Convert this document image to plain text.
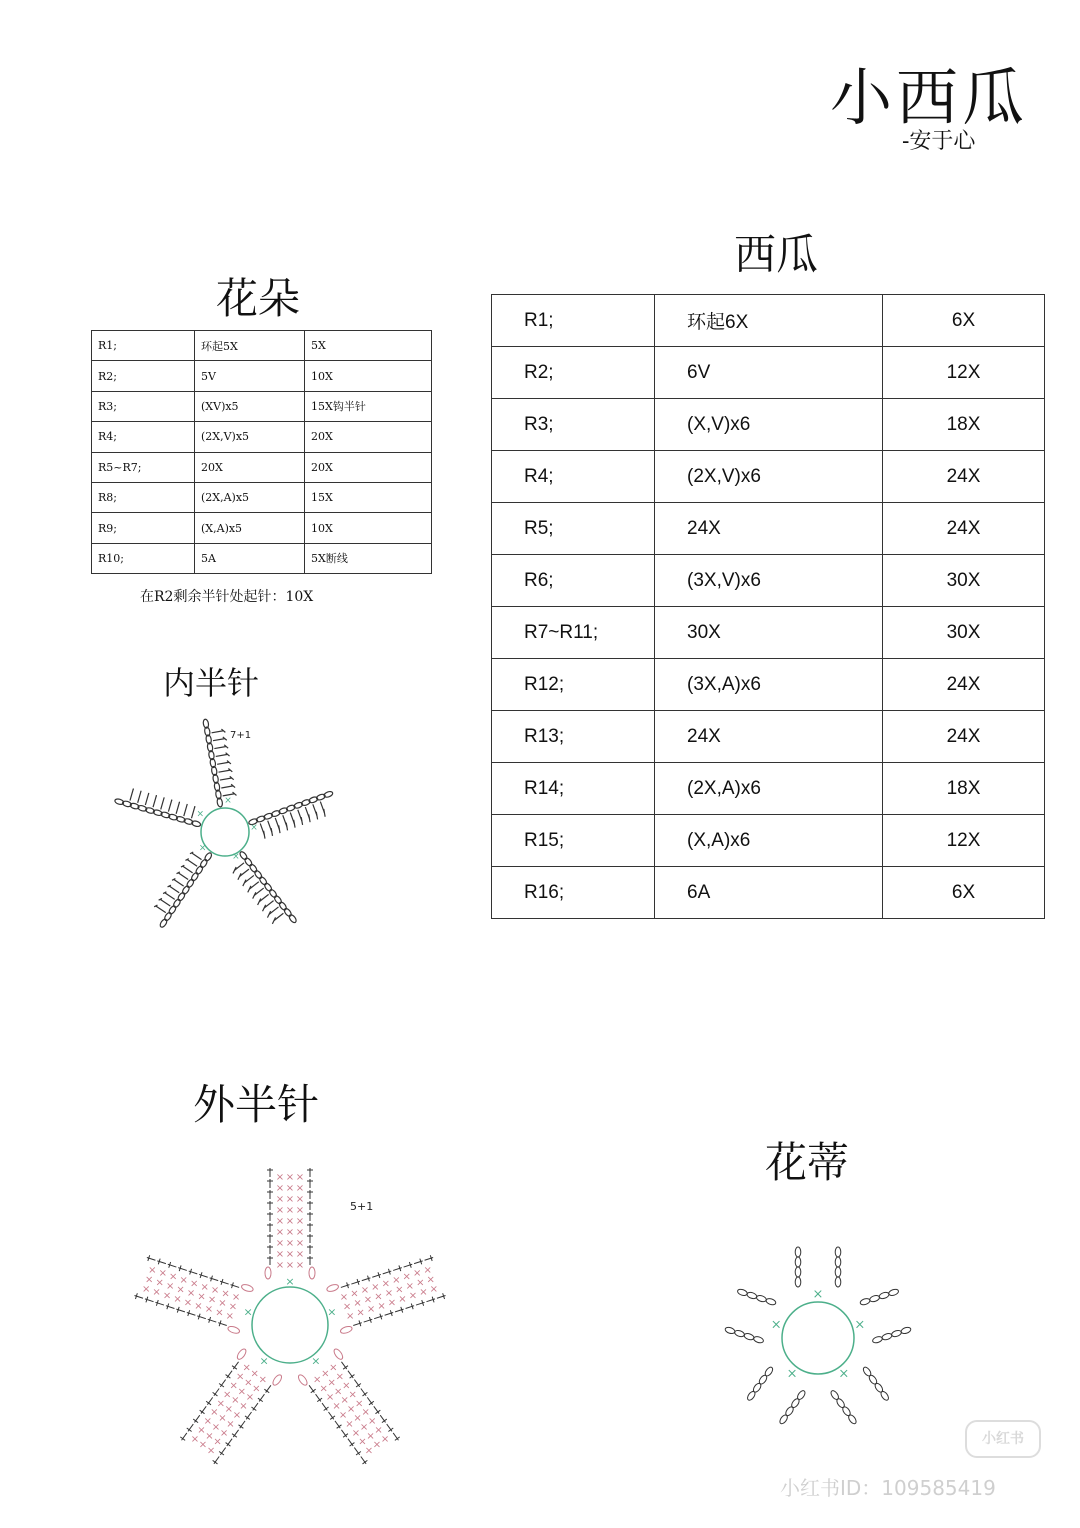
小西瓜
-安于心
花朵
R1;	环起5X	5X
R2;	5V	10X
R3;	(XV)x5	15X钩半针
R4;	(2X,V)x5	20X
R5~R7;	20X	20X
R8;	(2X,A)x5	15X
R9;	(X,A)x5	10X
R10;	5A	5X断线
在R2剩余半针处起针：10X
西瓜
R1;	环起6X	6X
R2;	6V	12X
R3;	(X,V)x6	18X
R4;	(2X,V)x6	24X
R5;	24X	24X
R6;	(3X,V)x6	30X
R7~R11;	30X	30X
R12;	(3X,A)x6	24X
R13;	24X	24X
R14;	(2X,A)x6	18X
R15;	(X,A)x6	12X
R16;	6A	6X
内半针
×
×
×
×
×
7+1
外半针
× × ×
× × ×
× × ×
× × ×
× × ×
× × ×
× × ×
× × ×
× × ×
×
×
×
×
×
×
×
×
×
×
×
×
×
×
×
×
×
×
×
×
×
×
×
×
×
×
×
×
×
×
×
× ×
×
× ×
×
× ×
×
× ×
×
× ×
×
× ×
×
× ×
×
× ×
×
×
×
×
×
×
×
×
×
×
×
×
×
×
×
×
×
×
×
×
×
×
×
×
×
×
×
×
×
×
×
×
×
×
×
×
×
×
×
×
×
×
×
×
×
×
×
×
×
×
×
×
×
×
×
×
×
×
×
5+1
花蒂
×
×
×
×
×
小红书
小红书ID：109585419
